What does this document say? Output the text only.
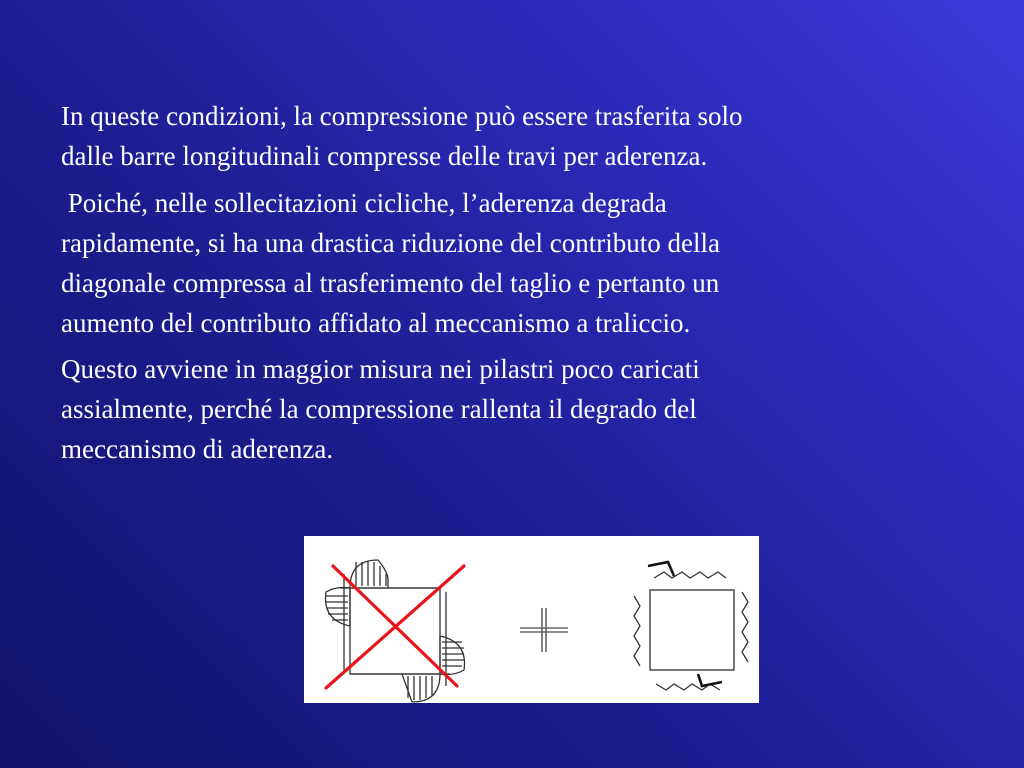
In queste condizioni, la compressione può essere trasferita solo
dalle barre longitudinali compresse delle travi per aderenza.

Poiché, nelle sollecitazioni cicliche, l’aderenza degrada
rapidamente, si ha una drastica riduzione del contributo della
diagonale compressa al trasferimento del taglio e pertanto un
aumento del contributo affidato al meccanismo a traliccio.

Questo avviene in maggior misura nei pilastri poco caricati
assialmente, perché la compressione rallenta il degrado del
meccanismo di aderenza.
